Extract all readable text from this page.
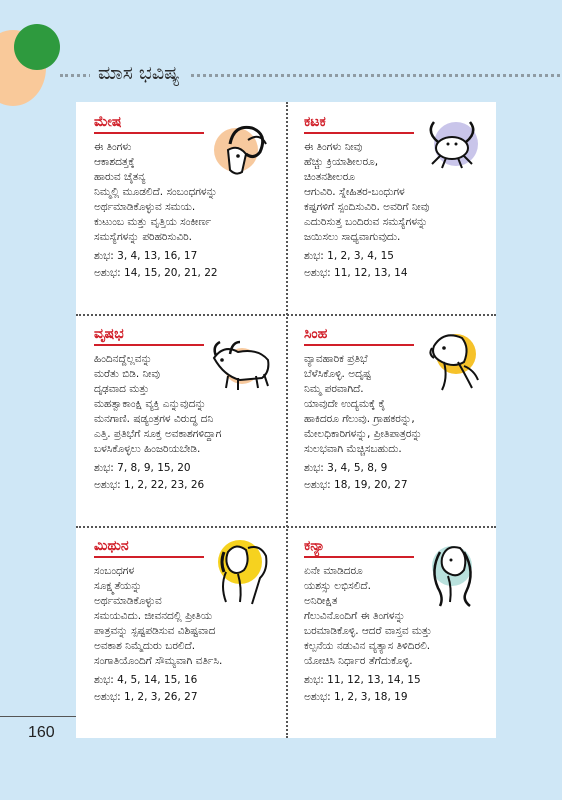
ಮಾಸ ಭವಿಷ್ಯ
ಮೇಷ
ಈ ತಿಂಗಳು
ಆಕಾಶದತ್ತಕ್ಕೆ
ಹಾರುವ ಚೈತನ್ಯ
ನಿಮ್ಮಲ್ಲಿ ಮೂಡಲಿದೆ. ಸಂಬಂಧಗಳನ್ನು
ಅರ್ಥಮಾಡಿಕೊಳ್ಳುವ ಸಮಯ.
ಕುಟುಂಬ ಮತ್ತು ವೃತ್ತಿಯ ಸಂಕೀರ್ಣ
ಸಮಸ್ಯೆಗಳನ್ನು ಪರಿಹರಿಸುವಿರಿ.
ಶುಭ: 3, 4, 13, 16, 17
ಅಶುಭ: 14, 15, 20, 21, 22
ಕಟಕ
ಈ ತಿಂಗಳು ನೀವು
ಹೆಚ್ಚು ಕ್ರಿಯಾಶೀಲರೂ,
ಚಿಂತನಶೀಲರೂ
ಆಗುವಿರಿ. ಸ್ನೇಹಿತರ-ಬಂಧುಗಳ
ಕಷ್ಟಗಳಿಗೆ ಸ್ಪಂದಿಸುವಿರಿ. ಅವರಿಗೆ ನೀವು
ಎದುರಿಸುತ್ತ ಬಂದಿರುವ ಸಮಸ್ಯೆಗಳನ್ನು
ಜಯಿಸಲು ಸಾಧ್ಯವಾಗುವುದು.
ಶುಭ: 1, 2, 3, 4, 15
ಅಶುಭ: 11, 12, 13, 14
ವೃಷಭ
ಹಿಂದಿನದ್ದೆಲ್ಲವನ್ನು
ಮರೆತು ಬಿಡಿ. ನೀವು
ದೃಢವಾದ ಮತ್ತು
ಮಹತ್ವಾಕಾಂಕ್ಷಿ ವ್ಯಕ್ತಿ ಎನ್ನುವುದನ್ನು
ಮನಗಾಣಿ. ಷಡ್ಯಂತ್ರಗಳ ವಿರುದ್ಧ ದನಿ
ಎತ್ತಿ. ಪ್ರತಿಭೆಗೆ ಸೂಕ್ತ ಅವಕಾಶಗಳಿದ್ದಾಗ
ಬಳಸಿಕೊಳ್ಳಲು ಹಿಂಜರಿಯಬೇಡಿ.
ಶುಭ: 7, 8, 9, 15, 20
ಅಶುಭ: 1, 2, 22, 23, 26
ಸಿಂಹ
ವ್ಯಾವಹಾರಿಕ ಪ್ರತಿಭೆ
ಬೆಳೆಸಿಕೊಳ್ಳಿ. ಅದೃಷ್ಟ
ನಿಮ್ಮ ಪರವಾಗಿದೆ.
ಯಾವುದೇ ಉದ್ಯಮಕ್ಕೆ ಕೈ
ಹಾಕಿದರೂ ಗೆಲುವು. ಗ್ರಾಹಕರನ್ನು,
ಮೇಲಧಿಕಾರಿಗಳನ್ನು, ಪ್ರೀತಿಪಾತ್ರರನ್ನು
ಸುಲಭವಾಗಿ ಮೆಚ್ಚಿಸಬಹುದು.
ಶುಭ: 3, 4, 5, 8, 9
ಅಶುಭ: 18, 19, 20, 27
ಮಿಥುನ
ಸಂಬಂಧಗಳ
ಸೂಕ್ಷ್ಮತೆಯನ್ನು
ಅರ್ಥಮಾಡಿಕೊಳ್ಳುವ
ಸಮಯವಿದು. ಜೀವನದಲ್ಲಿ ಪ್ರೀತಿಯ
ಪಾತ್ರವನ್ನು ಸ್ಪಷ್ಟಪಡಿಸುವ ವಿಶಿಷ್ಟವಾದ
ಅವಕಾಶ ನಿಮ್ಮೆದುರು ಬರಲಿದೆ.
ಸಂಗಾತಿಯೊಂದಿಗೆ ಸೌಮ್ಯವಾಗಿ ವರ್ತಿಸಿ.
ಶುಭ: 4, 5, 14, 15, 16
ಅಶುಭ: 1, 2, 3, 26, 27
ಕನ್ಯಾ
ಏನೇ ಮಾಡಿದರೂ
ಯಶಸ್ಸು ಲಭಿಸಲಿದೆ.
ಅನಿರೀಕ್ಷಿತ
ಗೆಲುವಿನೊಂದಿಗೆ ಈ ತಿಂಗಳನ್ನು
ಬರಮಾಡಿಕೊಳ್ಳಿ. ಆದರೆ ವಾಸ್ತವ ಮತ್ತು
ಕಲ್ಪನೆಯ ನಡುವಿನ ವ್ಯತ್ಯಾಸ ತಿಳಿದಿರಲಿ.
ಯೋಚಿಸಿ ನಿರ್ಧಾರ ತೆಗೆದುಕೊಳ್ಳಿ.
ಶುಭ: 11, 12, 13, 14, 15
ಅಶುಭ: 1, 2, 3, 18, 19
160
